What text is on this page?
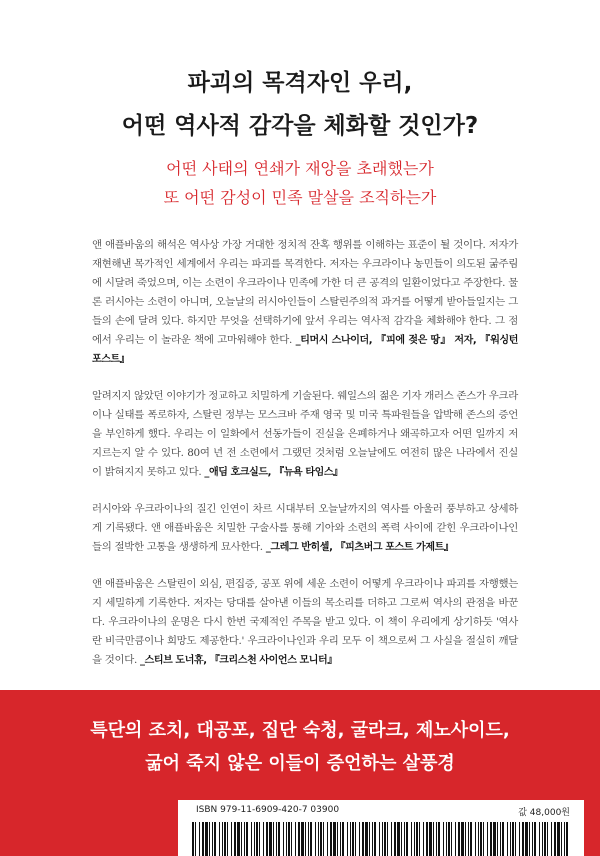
파괴의 목격자인 우리,
어떤 역사적 감각을 체화할 것인가?
어떤 사태의 연쇄가 재앙을 초래했는가
또 어떤 감성이 민족 말살을 조직하는가

앤 애플바움의 해석은 역사상 가장 거대한 정치적 잔혹 행위를 이해하는 표준이 될 것이다. 저자가 재현해낸 목가적인 세계에서 우리는 파괴를 목격한다. 저자는 우크라이나 농민들이 의도된 굶주림에 시달려 죽었으며, 이는 소련이 우크라이나 민족에 가한 더 큰 공격의 일환이었다고 주장한다. 물론 러시아는 소련이 아니며, 오늘날의 러시아인들이 스탈린주의적 과거를 어떻게 받아들일지는 그들의 손에 달려 있다. 하지만 무엇을 선택하기에 앞서 우리는 역사적 감각을 체화해야 한다. 그 점에서 우리는 이 놀라운 책에 고마워해야 한다. _티머시 스나이더, 『피에 젖은 땅』 저자, 『워싱턴 포스트』

알려지지 않았던 이야기가 정교하고 치밀하게 기술된다. 웨일스의 젊은 기자 개러스 존스가 우크라이나 실태를 폭로하자, 스탈린 정부는 모스크바 주재 영국 및 미국 특파원들을 압박해 존스의 증언을 부인하게 했다. 우리는 이 일화에서 선동가들이 진실을 은폐하거나 왜곡하고자 어떤 일까지 저지르는지 알 수 있다. 80여 년 전 소련에서 그랬던 것처럼 오늘날에도 여전히 많은 나라에서 진실이 밝혀지지 못하고 있다. _애딤 호크실드, 『뉴욕 타임스』

러시아와 우크라이나의 질긴 인연이 차르 시대부터 오늘날까지의 역사를 아울러 풍부하고 상세하게 기록됐다. 앤 애플바움은 치밀한 구술사를 통해 기아와 소련의 폭력 사이에 갇힌 우크라이나인들의 절박한 고통을 생생하게 묘사한다. _그레그 반히셀, 『피츠버그 포스트 가제트』

앤 애플바움은 스탈린이 외심, 편집증, 공포 위에 세운 소련이 어떻게 우크라이나 파괴를 자행했는지 세밀하게 기록한다. 저자는 당대를 살아낸 이들의 목소리를 더하고 그로써 역사의 관점을 바꾼다. 우크라이나의 운명은 다시 한번 국제적인 주목을 받고 있다. 이 책이 우리에게 상기하듯 '역사란 비극만큼이나 희망도 제공한다.' 우크라이나인과 우리 모두 이 책으로써 그 사실을 절실히 깨달을 것이다. _스티브 도너휴, 『크리스천 사이언스 모니터』

특단의 조치, 대공포, 집단 숙청, 굴라크, 제노사이드,
굶어 죽지 않은 이들이 증언하는 살풍경
ISBN 979-11-6909-420-7 03900	값 48,000원
